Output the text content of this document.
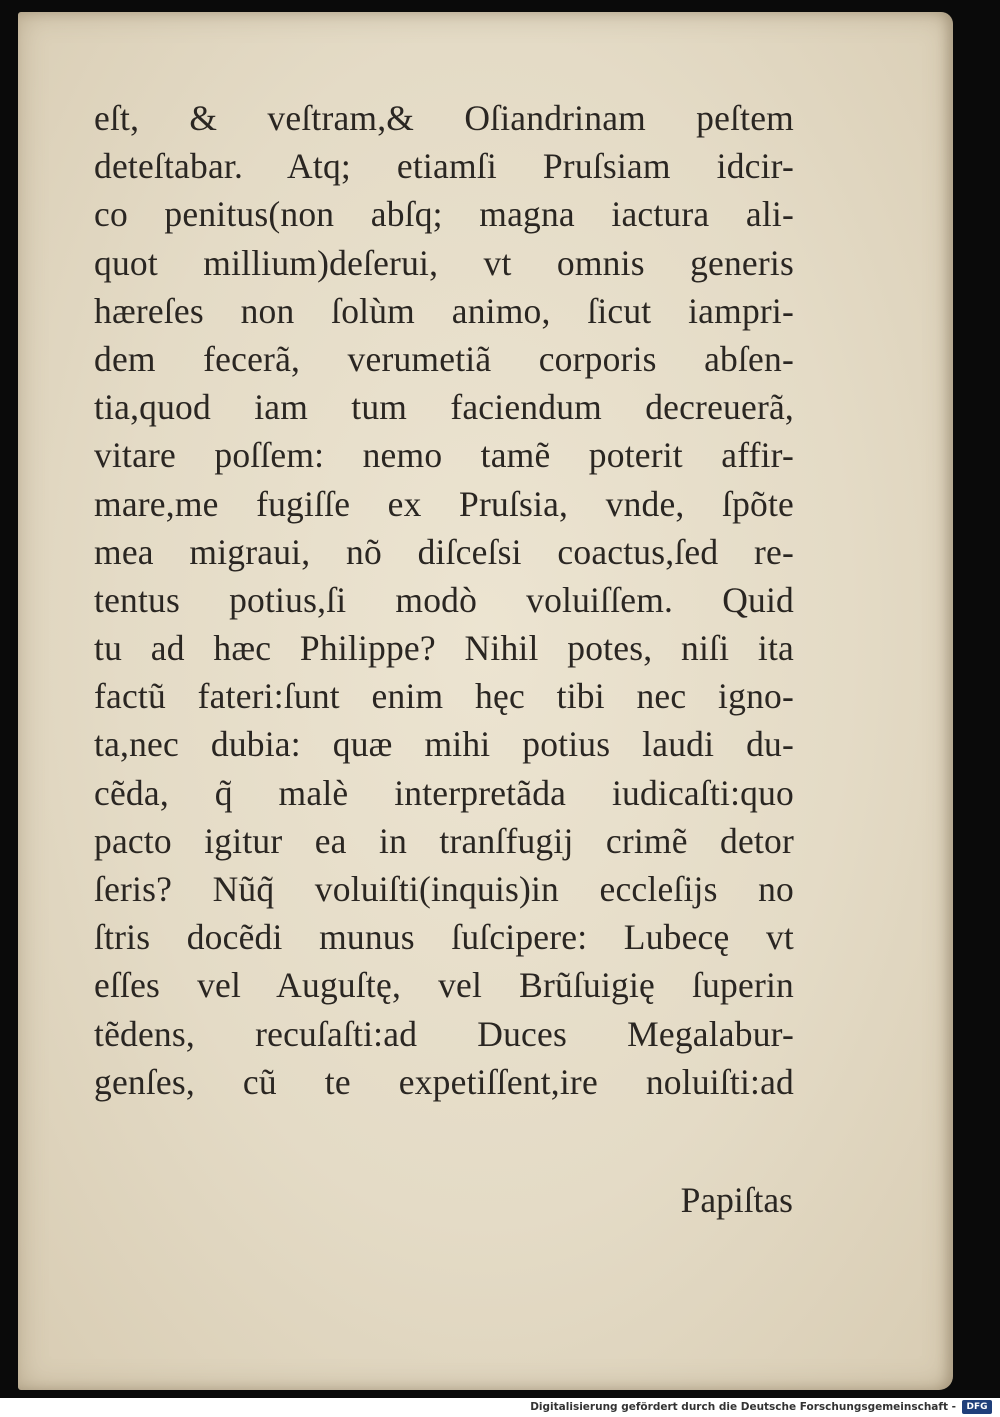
eſt, & veſtram,& Oſiandrinam peſtem
deteſtabar. Atq; etiamſi Pruſsiam idcir-
co penitus(non abſq; magna iactura ali-
quot millium)deſerui, vt omnis generis
hæreſes non ſolùm animo, ſicut iampri-
dem fecerã, verumetiã corporis abſen-
tia,quod iam tum faciendum decreuerã,
vitare poſſem: nemo tamẽ poterit affir-
mare,me fugiſſe ex Pruſsia, vnde, ſpõte
mea migraui, nõ diſceſsi coactus,ſed re-
tentus potius,ſi modò voluiſſem. Quid
tu ad hæc Philippe? Nihil potes, niſi ita
factũ fateri:ſunt enim hęc tibi nec igno-
ta,nec dubia: quæ mihi potius laudi du-
cẽda, q̃ malè interpretãda iudicaſti:quo
pacto igitur ea in tranſfugij crimẽ detor
ſeris? Nũq̃ voluiſti(inquis)in eccleſijs no
ſtris docẽdi munus ſuſcipere: Lubecę vt
eſſes vel Auguſtę, vel Brũſuigię ſuperin
tẽdens, recuſaſti:ad Duces Megalabur-
genſes, cũ te expetiſſent,ire noluiſti:ad
Papiſtas
Digitalisierung gefördert durch die Deutsche Forschungsgemeinschaft -	DFG
